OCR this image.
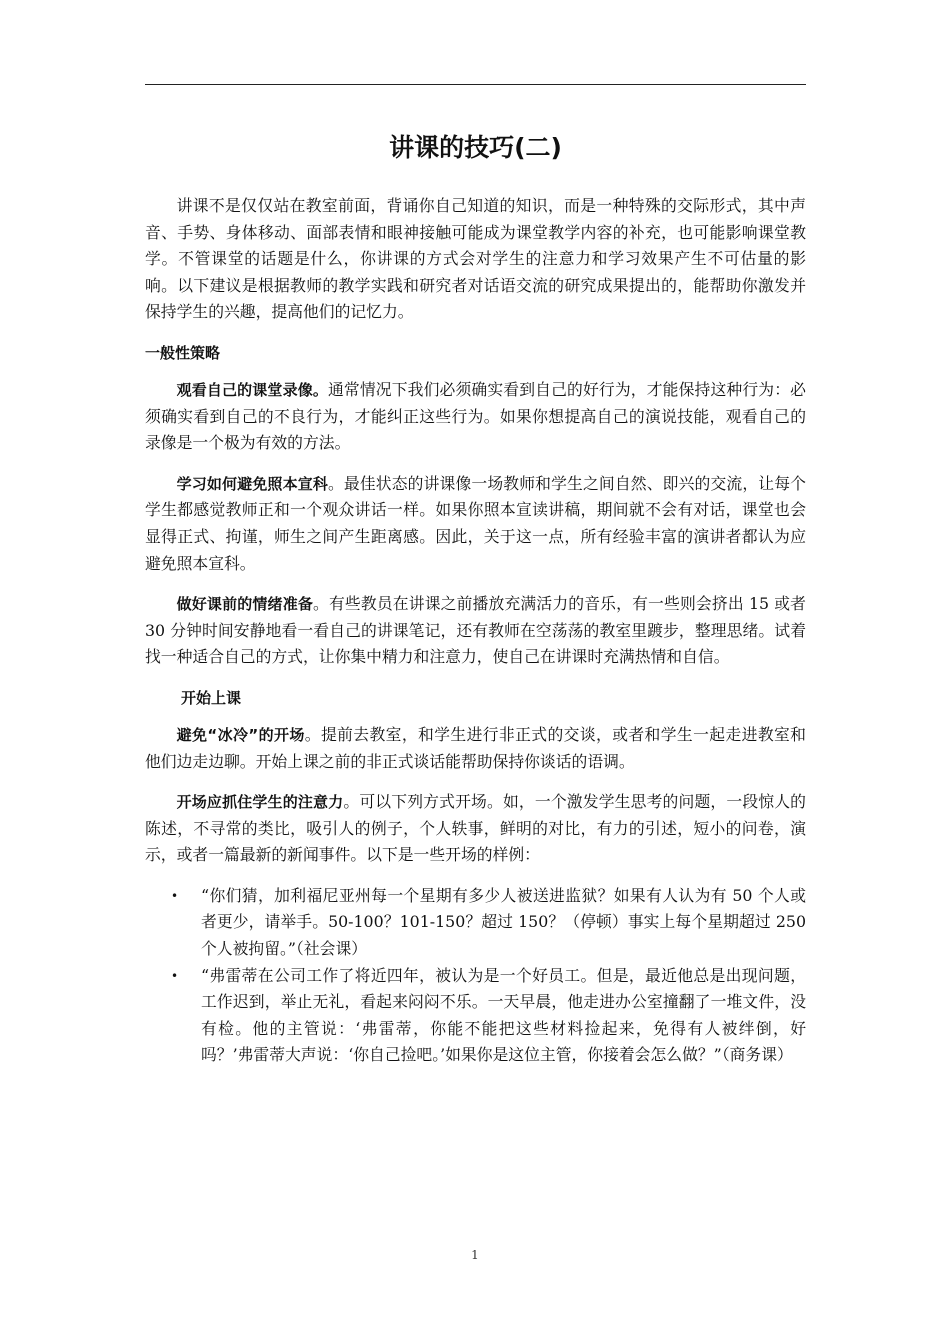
讲课的技巧(二)

讲课不是仅仅站在教室前面，背诵你自己知道的知识，而是一种特殊的交际形式，其中声音、手势、身体移动、面部表情和眼神接触可能成为课堂教学内容的补充，也可能影响课堂教学。不管课堂的话题是什么，你讲课的方式会对学生的注意力和学习效果产生不可估量的影响。以下建议是根据教师的教学实践和研究者对话语交流的研究成果提出的，能帮助你激发并保持学生的兴趣，提高他们的记忆力。

一般性策略

观看自己的课堂录像。通常情况下我们必须确实看到自己的好行为，才能保持这种行为：必须确实看到自己的不良行为，才能纠正这些行为。如果你想提高自己的演说技能，观看自己的录像是一个极为有效的方法。

学习如何避免照本宣科。最佳状态的讲课像一场教师和学生之间自然、即兴的交流，让每个学生都感觉教师正和一个观众讲话一样。如果你照本宣读讲稿，期间就不会有对话，课堂也会显得正式、拘谨，师生之间产生距离感。因此，关于这一点，所有经验丰富的演讲者都认为应避免照本宣科。

做好课前的情绪准备。有些教员在讲课之前播放充满活力的音乐，有一些则会挤出 15 或者 30 分钟时间安静地看一看自己的讲课笔记，还有教师在空荡荡的教室里踱步，整理思绪。试着找一种适合自己的方式，让你集中精力和注意力，使自己在讲课时充满热情和自信。

开始上课

避免“冰冷”的开场。提前去教室，和学生进行非正式的交谈，或者和学生一起走进教室和他们边走边聊。开始上课之前的非正式谈话能帮助保持你谈话的语调。

开场应抓住学生的注意力。可以下列方式开场。如，一个激发学生思考的问题，一段惊人的陈述，不寻常的类比，吸引人的例子，个人轶事，鲜明的对比，有力的引述，短小的问卷，演示，或者一篇最新的新闻事件。以下是一些开场的样例：

• “你们猜，加利福尼亚州每一个星期有多少人被送进监狱？如果有人认为有 50 个人或者更少，请举手。50-100？101-150？超过 150？（停顿）事实上每个星期超过 250 个人被拘留。”（社会课）
• “弗雷蒂在公司工作了将近四年，被认为是一个好员工。但是，最近他总是出现问题，工作迟到，举止无礼，看起来闷闷不乐。一天早晨，他走进办公室撞翻了一堆文件，没有检。他的主管说：‘弗雷蒂，你能不能把这些材料捡起来，免得有人被绊倒，好吗？’弗雷蒂大声说：‘你自己捡吧。’如果你是这位主管，你接着会怎么做？”（商务课）
1
